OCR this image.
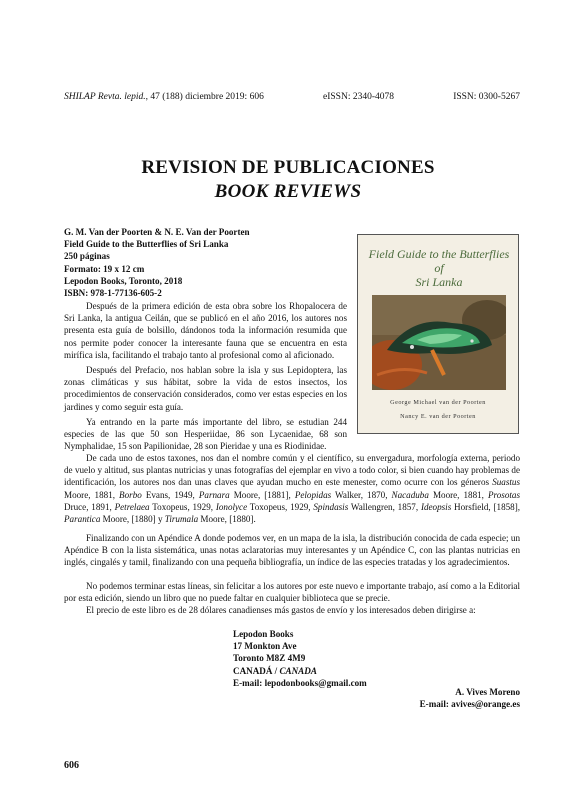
SHILAP Revta. lepid., 47 (188) diciembre 2019: 606	eISSN: 2340-4078	ISSN: 0300-5267
REVISION DE PUBLICACIONES
BOOK REVIEWS
G. M. Van der Poorten & N. E. Van der Poorten
Field Guide to the Butterflies of Sri Lanka
250 páginas
Formato: 19 x 12 cm
Lepodon Books, Toronto, 2018
ISBN: 978-1-77136-605-2
Field Guide to the Butterflies
of
Sri Lanka
George Michael van der Poorten
Nancy E. van der Poorten
Después de la primera edición de esta obra sobre los Rhopalocera de Sri Lanka, la antigua Ceilán, que se publicó en el año 2016, los autores nos presenta esta guía de bolsillo, dándonos toda la información resumida que nos permite poder conocer la interesante fauna que se encuentra en esta mirífica isla, facilitando el trabajo tanto al profesional como al aficionado.
Después del Prefacio, nos hablan sobre la isla y sus Lepidoptera, las zonas climáticas y sus hábitat, sobre la vida de estos insectos, los procedimientos de conservación considerados, como ver estas especies en los jardines y como seguir esta guía.
Ya entrando en la parte más importante del libro, se estudian 244 especies de las que 50 son Hesperiidae, 86 son Lycaenidae, 68 son Nymphalidae, 15 son Papilionidae, 28 son Pieridae y una es Riodinidae.
De cada uno de estos taxones, nos dan el nombre común y el científico, su envergadura, morfología externa, periodo de vuelo y altitud, sus plantas nutricias y unas fotografías del ejemplar en vivo a todo color, si bien cuando hay problemas de identificación, los autores nos dan unas claves que ayudan mucho en este menester, como ocurre con los géneros Suastus Moore, 1881, Borbo Evans, 1949, Parnara Moore, [1881], Pelopidas Walker, 1870, Nacaduba Moore, 1881, Prosotas Druce, 1891, Petrelaea Toxopeus, 1929, Ionolyce Toxopeus, 1929, Spindasis Wallengren, 1857, Ideopsis Horsfield, [1858], Parantica Moore, [1880] y Tirumala Moore, [1880].
Finalizando con un Apéndice A donde podemos ver, en un mapa de la isla, la distribución conocida de cada especie; un Apéndice B con la lista sistemática, unas notas aclaratorias muy interesantes y un Apéndice C, con las plantas nutricias en inglés, cingalés y tamil, finalizando con una pequeña bibliografía, un índice de las especies tratadas y los agradecimientos.
No podemos terminar estas líneas, sin felicitar a los autores por este nuevo e importante trabajo, así como a la Editorial por esta edición, siendo un libro que no puede faltar en cualquier biblioteca que se precie.
El precio de este libro es de 28 dólares canadienses más gastos de envío y los interesados deben dirigirse a:
Lepodon Books
17 Monkton Ave
Toronto M8Z 4M9
CANADÁ / CANADA
E-mail: lepodonbooks@gmail.com
A. Vives Moreno
E-mail: avives@orange.es
606
